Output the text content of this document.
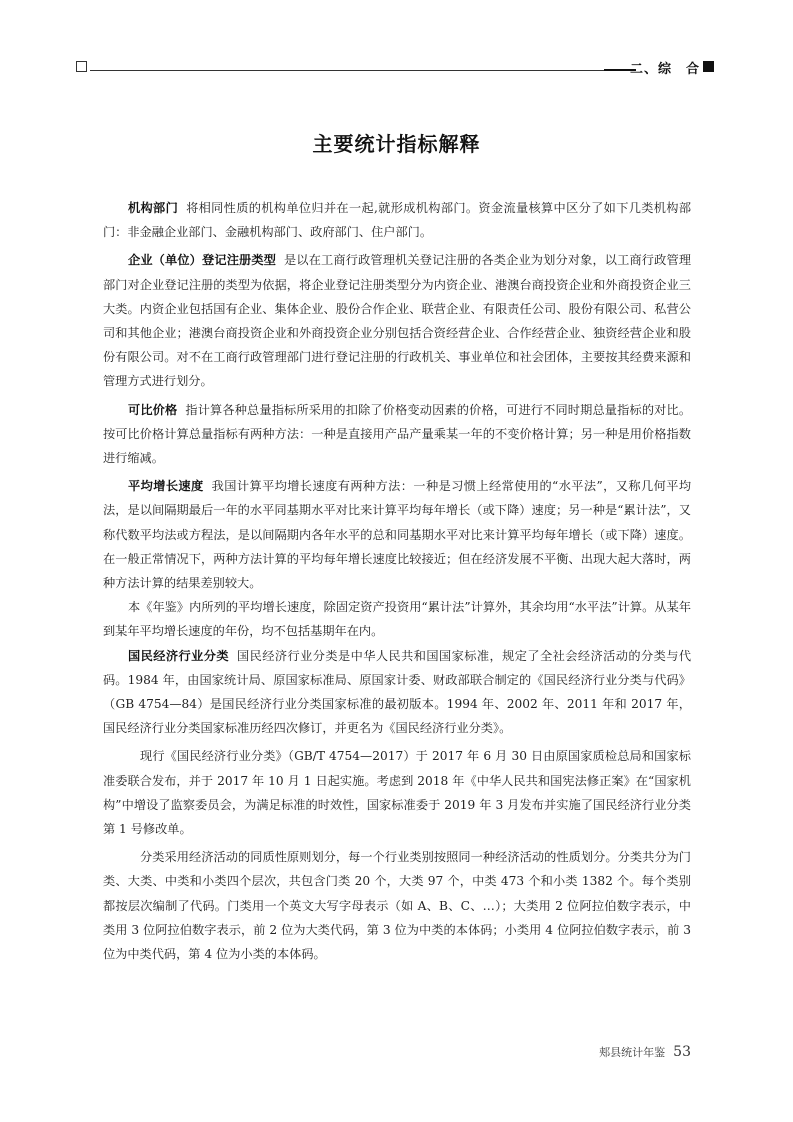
二、综　合
主要统计指标解释

机构部门 将相同性质的机构单位归并在一起,就形成机构部门。资金流量核算中区分了如下几类机构部门：非金融企业部门、金融机构部门、政府部门、住户部门。

企业（单位）登记注册类型 是以在工商行政管理机关登记注册的各类企业为划分对象，以工商行政管理部门对企业登记注册的类型为依据，将企业登记注册类型分为内资企业、港澳台商投资企业和外商投资企业三大类。内资企业包括国有企业、集体企业、股份合作企业、联营企业、有限责任公司、股份有限公司、私营公司和其他企业；港澳台商投资企业和外商投资企业分别包括合资经营企业、合作经营企业、独资经营企业和股份有限公司。对不在工商行政管理部门进行登记注册的行政机关、事业单位和社会团体，主要按其经费来源和管理方式进行划分。

可比价格 指计算各种总量指标所采用的扣除了价格变动因素的价格，可进行不同时期总量指标的对比。按可比价格计算总量指标有两种方法：一种是直接用产品产量乘某一年的不变价格计算；另一种是用价格指数进行缩减。

平均增长速度 我国计算平均增长速度有两种方法：一种是习惯上经常使用的“水平法”，又称几何平均法，是以间隔期最后一年的水平同基期水平对比来计算平均每年增长（或下降）速度；另一种是“累计法”，又称代数平均法或方程法，是以间隔期内各年水平的总和同基期水平对比来计算平均每年增长（或下降）速度。在一般正常情况下，两种方法计算的平均每年增长速度比较接近；但在经济发展不平衡、出现大起大落时，两种方法计算的结果差别较大。

本《年鉴》内所列的平均增长速度，除固定资产投资用“累计法”计算外，其余均用“水平法”计算。从某年到某年平均增长速度的年份，均不包括基期年在内。

国民经济行业分类 国民经济行业分类是中华人民共和国国家标准，规定了全社会经济活动的分类与代码。1984 年，由国家统计局、原国家标准局、原国家计委、财政部联合制定的《国民经济行业分类与代码》（GB 4754—84）是国民经济行业分类国家标准的最初版本。1994 年、2002 年、2011 年和 2017 年，国民经济行业分类国家标准历经四次修订，并更名为《国民经济行业分类》。

现行《国民经济行业分类》（GB/T 4754—2017）于 2017 年 6 月 30 日由原国家质检总局和国家标准委联合发布，并于 2017 年 10 月 1 日起实施。考虑到 2018 年《中华人民共和国宪法修正案》在“国家机构”中增设了监察委员会，为满足标准的时效性，国家标准委于 2019 年 3 月发布并实施了国民经济行业分类第 1 号修改单。

分类采用经济活动的同质性原则划分，每一个行业类别按照同一种经济活动的性质划分。分类共分为门类、大类、中类和小类四个层次，共包含门类 20 个，大类 97 个，中类 473 个和小类 1382 个。每个类别都按层次编制了代码。门类用一个英文大写字母表示（如 A、B、C、…）；大类用 2 位阿拉伯数字表示，中类用 3 位阿拉伯数字表示，前 2 位为大类代码，第 3 位为中类的本体码；小类用 4 位阿拉伯数字表示，前 3 位为中类代码，第 4 位为小类的本体码。

郏县统计年鉴 53
